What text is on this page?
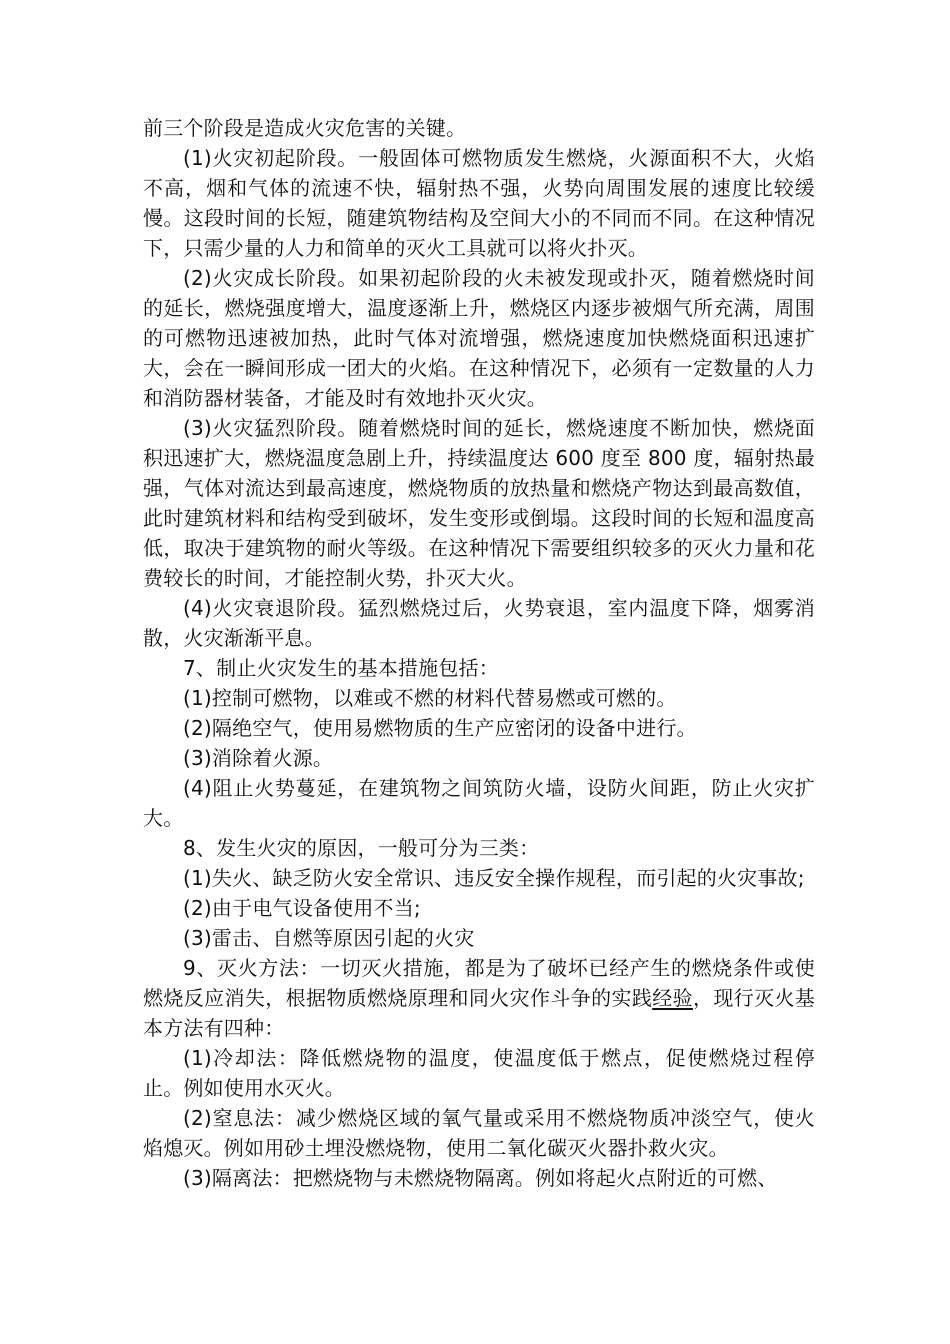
前三个阶段是造成火灾危害的关键。

(1)火灾初起阶段。一般固体可燃物质发生燃烧，火源面积不大，火焰不高，烟和气体的流速不快，辐射热不强，火势向周围发展的速度比较缓慢。这段时间的长短，随建筑物结构及空间大小的不同而不同。在这种情况下，只需少量的人力和简单的灭火工具就可以将火扑灭。

(2)火灾成长阶段。如果初起阶段的火未被发现或扑灭，随着燃烧时间的延长，燃烧强度增大，温度逐渐上升，燃烧区内逐步被烟气所充满，周围的可燃物迅速被加热，此时气体对流增强，燃烧速度加快燃烧面积迅速扩大，会在一瞬间形成一团大的火焰。在这种情况下，必须有一定数量的人力和消防器材装备，才能及时有效地扑灭火灾。

(3)火灾猛烈阶段。随着燃烧时间的延长，燃烧速度不断加快，燃烧面积迅速扩大，燃烧温度急剧上升，持续温度达 600 度至 800 度，辐射热最强，气体对流达到最高速度，燃烧物质的放热量和燃烧产物达到最高数值，此时建筑材料和结构受到破坏，发生变形或倒塌。这段时间的长短和温度高低，取决于建筑物的耐火等级。在这种情况下需要组织较多的灭火力量和花费较长的时间，才能控制火势，扑灭大火。

(4)火灾衰退阶段。猛烈燃烧过后，火势衰退，室内温度下降，烟雾消散，火灾渐渐平息。

7、制止火灾发生的基本措施包括：

(1)控制可燃物，以难或不燃的材料代替易燃或可燃的。

(2)隔绝空气，使用易燃物质的生产应密闭的设备中进行。

(3)消除着火源。

(4)阻止火势蔓延，在建筑物之间筑防火墙，设防火间距，防止火灾扩大。

8、发生火灾的原因，一般可分为三类：

(1)失火、缺乏防火安全常识、违反安全操作规程，而引起的火灾事故;

(2)由于电气设备使用不当;

(3)雷击、自燃等原因引起的火灾

9、灭火方法：一切灭火措施，都是为了破坏已经产生的燃烧条件或使燃烧反应消失，根据物质燃烧原理和同火灾作斗争的实践经验，现行灭火基本方法有四种：

(1)冷却法：降低燃烧物的温度，使温度低于燃点，促使燃烧过程停止。例如使用水灭火。

(2)窒息法：减少燃烧区域的氧气量或采用不燃烧物质冲淡空气，使火焰熄灭。例如用砂土埋没燃烧物，使用二氧化碳灭火器扑救火灾。

(3)隔离法：把燃烧物与未燃烧物隔离。例如将起火点附近的可燃、
